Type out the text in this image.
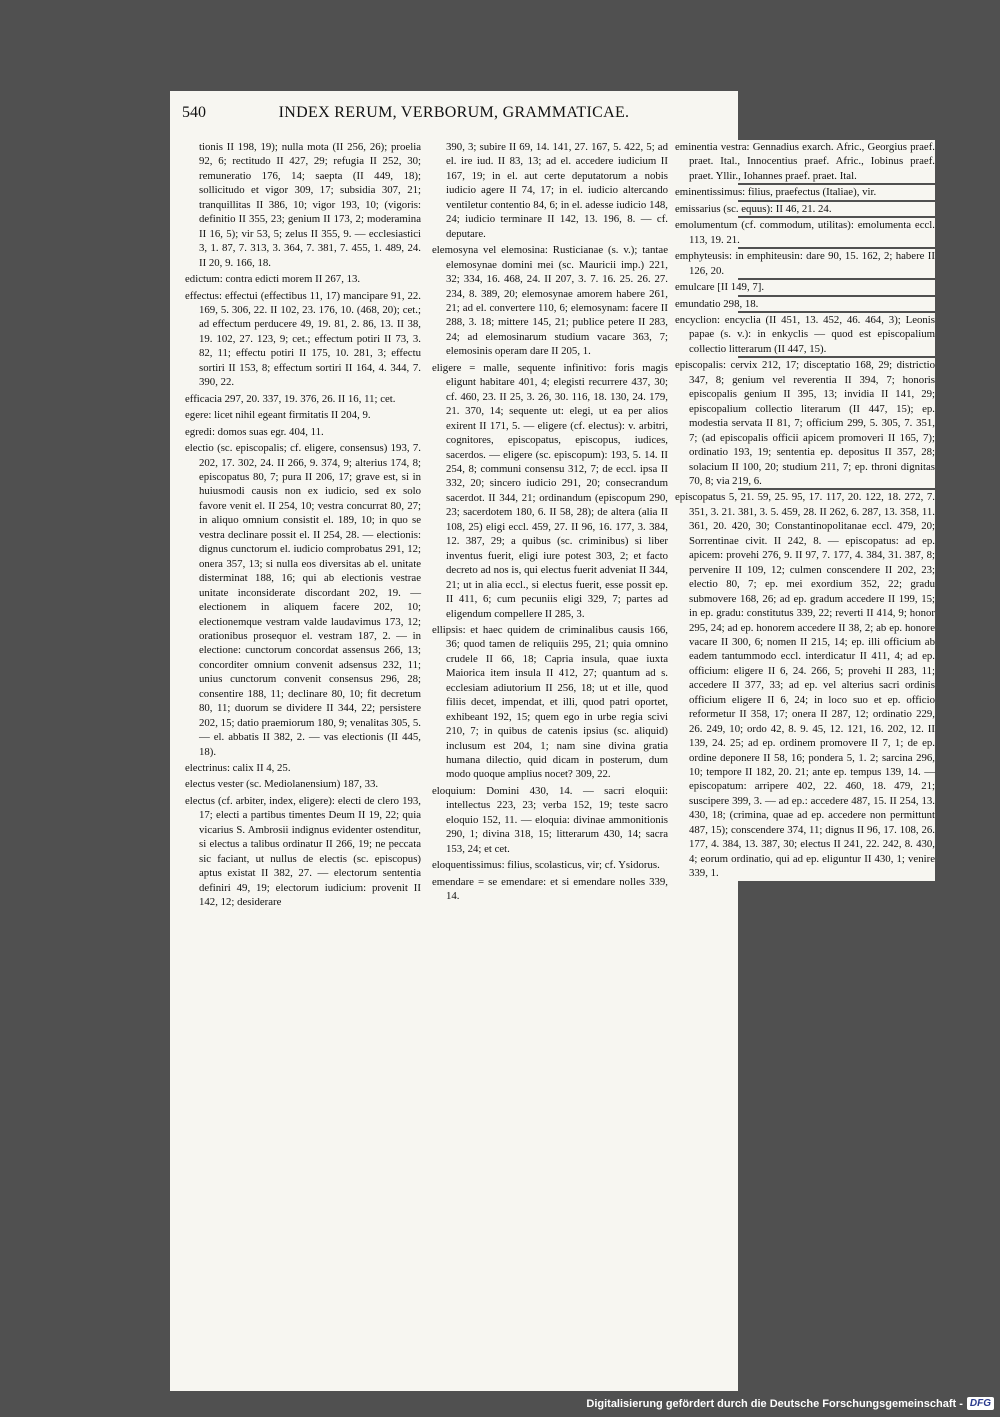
540	INDEX RERUM, VERBORUM, GRAMMATICAE.

tionis II 198, 19); nulla mota (II 256, 26); proelia 92, 6; rectitudo II 427, 29; refugia II 252, 30; remuneratio 176, 14; saepta (II 449, 18); sollicitudo et vigor 309, 17; subsidia 307, 21; tranquillitas II 386, 10; vigor 193, 10; (vigoris: definitio II 355, 23; genium II 173, 2; moderamina II 16, 5); vir 53, 5; zelus II 355, 9. — ecclesiastici 3, 1. 87, 7. 313, 3. 364, 7. 381, 7. 455, 1. 489, 24. II 20, 9. 166, 18.

edictum: contra edicti morem II 267, 13.

effectus: effectui (effectibus 11, 17) mancipare 91, 22. 169, 5. 306, 22. II 102, 23. 176, 10. (468, 20); cet.; ad effectum perducere 49, 19. 81, 2. 86, 13. II 38, 19. 102, 27. 123, 9; cet.; effectum potiri II 73, 3. 82, 11; effectu potiri II 175, 10. 281, 3; effectu sortiri II 153, 8; effectum sortiri II 164, 4. 344, 7. 390, 22.

efficacia 297, 20. 337, 19. 376, 26. II 16, 11; cet.

egere: licet nihil egeant firmitatis II 204, 9.

egredi: domos suas egr. 404, 11.

electio (sc. episcopalis; cf. eligere, consensus) 193, 7. 202, 17. 302, 24. II 266, 9. 374, 9; alterius 174, 8; episcopatus 80, 7; pura II 206, 17; grave est, si in huiusmodi causis non ex iudicio, sed ex solo favore venit el. II 254, 10; vestra concurrat 80, 27; in aliquo omnium consistit el. 189, 10; in quo se vestra declinare possit el. II 254, 28. — electionis: dignus cunctorum el. iudicio comprobatus 291, 12; onera 357, 13; si nulla eos diversitas ab el. unitate disterminat 188, 16; qui ab electionis vestrae unitate inconsiderate discordant 202, 19. — electionem in aliquem facere 202, 10; electionemque vestram valde laudavimus 173, 12; orationibus prosequor el. vestram 187, 2. — in electione: cunctorum concordat assensus 266, 13; concorditer omnium convenit adsensus 232, 11; unius cunctorum convenit consensus 296, 28; consentire 188, 11; declinare 80, 10; fit decretum 80, 11; duorum se dividere II 344, 22; persistere 202, 15; datio praemiorum 180, 9; venalitas 305, 5. — el. abbatis II 382, 2. — vas electionis (II 445, 18).

electrinus: calix II 4, 25.

electus vester (sc. Mediolanensium) 187, 33.

electus (cf. arbiter, index, eligere): electi de clero 193, 17; electi a partibus timentes Deum II 19, 22; quia vicarius S. Ambrosii indignus evidenter ostenditur, si electus a talibus ordinatur II 266, 19; ne peccata sic faciant, ut nullus de electis (sc. episcopus) aptus existat II 382, 27. — electorum sententia definiri 49, 19; electorum iudicium: provenit II 142, 12; desiderare

390, 3; subire II 69, 14. 141, 27. 167, 5. 422, 5; ad el. ire iud. II 83, 13; ad el. accedere iudicium II 167, 19; in el. aut certe deputatorum a nobis iudicio agere II 74, 17; in el. iudicio altercando ventiletur contentio 84, 6; in el. adesse iudicio 148, 24; iudicio terminare II 142, 13. 196, 8. — cf. deputare.

elemosyna vel elemosina: Rusticianae (s. v.); tantae elemosynae domini mei (sc. Mauricii imp.) 221, 32; 334, 16. 468, 24. II 207, 3. 7. 16. 25. 26. 27. 234, 8. 389, 20; elemosynae amorem habere 261, 21; ad el. convertere 110, 6; elemosynam: facere II 288, 3. 18; mittere 145, 21; publice petere II 283, 24; ad elemosinarum studium vacare 363, 7; elemosinis operam dare II 205, 1.

eligere = malle, sequente infinitivo: foris magis eligunt habitare 401, 4; elegisti recurrere 437, 30; cf. 460, 23. II 25, 3. 26, 30. 116, 18. 130, 24. 179, 21. 370, 14; sequente ut: elegi, ut ea per alios exirent II 171, 5. — eligere (cf. electus): v. arbitri, cognitores, episcopatus, episcopus, iudices, sacerdos. — eligere (sc. episcopum): 193, 5. 14. II 254, 8; communi consensu 312, 7; de eccl. ipsa II 332, 20; sincero iudicio 291, 20; consecrandum sacerdot. II 344, 21; ordinandum (episcopum 290, 23; sacerdotem 180, 6. II 58, 28); de altera (alia II 108, 25) eligi eccl. 459, 27. II 96, 16. 177, 3. 384, 12. 387, 29; a quibus (sc. criminibus) si liber inventus fuerit, eligi iure potest 303, 2; et facto decreto ad nos is, qui electus fuerit adveniat II 344, 21; ut in alia eccl., si electus fuerit, esse possit ep. II 411, 6; cum pecuniis eligi 329, 7; partes ad eligendum compellere II 285, 3.

ellipsis: et haec quidem de criminalibus causis 166, 36; quod tamen de reliquiis 295, 21; quia omnino crudele II 66, 18; Capria insula, quae iuxta Maiorica item insula II 412, 27; quantum ad s. ecclesiam adiutorium II 256, 18; ut et ille, quod filiis decet, impendat, et illi, quod patri oportet, exhibeant 192, 15; quem ego in urbe regia scivi 210, 7; in quibus de catenis ipsius (sc. aliquid) inclusum est 204, 1; nam sine divina gratia humana dilectio, quid dicam in posterum, dum modo quoque amplius nocet? 309, 22.

eloquium: Domini 430, 14. — sacri eloquii: intellectus 223, 23; verba 152, 19; teste sacro eloquio 152, 11. — eloquia: divinae ammonitionis 290, 1; divina 318, 15; litterarum 430, 14; sacra 153, 24; et cet.

eloquentissimus: filius, scolasticus, vir; cf. Ysidorus.

emendare = se emendare: et si emendare nolles 339, 14.

eminentia vestra: Gennadius exarch. Afric., Georgius praef. praet. Ital., Innocentius praef. Afric., Iobinus praef. praet. Yllir., Iohannes praef. praet. Ital.

eminentissimus: filius, praefectus (Italiae), vir.

emissarius (sc. equus): II 46, 21. 24.

emolumentum (cf. commodum, utilitas): emolumenta eccl. 113, 19. 21.

emphyteusis: in emphiteusin: dare 90, 15. 162, 2; habere II 126, 20.

emulcare [II 149, 7].

emundatio 298, 18.

encyclion: encyclia (II 451, 13. 452, 46. 464, 3); Leonis papae (s. v.): in enkyclis — quod est episcopalium collectio litterarum (II 447, 15).

episcopalis: cervix 212, 17; disceptatio 168, 29; districtio 347, 8; genium vel reverentia II 394, 7; honoris episcopalis genium II 395, 13; invidia II 141, 29; episcopalium collectio literarum (II 447, 15); ep. modestia servata II 81, 7; officium 299, 5. 305, 7. 351, 7; (ad episcopalis officii apicem promoveri II 165, 7); ordinatio 193, 19; sententia ep. depositus II 357, 28; solacium II 100, 20; studium 211, 7; ep. throni dignitas 70, 8; via 219, 6.

episcopatus 5, 21. 59, 25. 95, 17. 117, 20. 122, 18. 272, 7. 351, 3. 21. 381, 3. 5. 459, 28. II 262, 6. 287, 13. 358, 11. 361, 20. 420, 30; Constantinopolitanae eccl. 479, 20; Sorrentinae civit. II 242, 8. — episcopatus: ad ep. apicem: provehi 276, 9. II 97, 7. 177, 4. 384, 31. 387, 8; pervenire II 109, 12; culmen conscendere II 202, 23; electio 80, 7; ep. mei exordium 352, 22; gradu submovere 168, 26; ad ep. gradum accedere II 199, 15; in ep. gradu: constitutus 339, 22; reverti II 414, 9; honor 295, 24; ad ep. honorem accedere II 38, 2; ab ep. honore vacare II 300, 6; nomen II 215, 14; ep. illi officium ab eadem tantummodo eccl. interdicatur II 411, 4; ad ep. officium: eligere II 6, 24. 266, 5; provehi II 283, 11; accedere II 377, 33; ad ep. vel alterius sacri ordinis officium eligere II 6, 24; in loco suo et ep. officio reformetur II 358, 17; onera II 287, 12; ordinatio 229, 26. 249, 10; ordo 42, 8. 9. 45, 12. 121, 16. 202, 12. II 139, 24. 25; ad ep. ordinem promovere II 7, 1; de ep. ordine deponere II 58, 16; pondera 5, 1. 2; sarcina 296, 10; tempore II 182, 20. 21; ante ep. tempus 139, 14. — episcopatum: arripere 402, 22. 460, 18. 479, 21; suscipere 399, 3. — ad ep.: accedere 487, 15. II 254, 13. 430, 18; (crimina, quae ad ep. accedere non permittunt 487, 15); conscendere 374, 11; dignus II 96, 17. 108, 26. 177, 4. 384, 13. 387, 30; electus II 241, 22. 242, 8. 430, 4; eorum ordinatio, qui ad ep. eliguntur II 430, 1; venire 339, 1.

Digitalisierung gefördert durch die Deutsche Forschungsgemeinschaft - DFG
